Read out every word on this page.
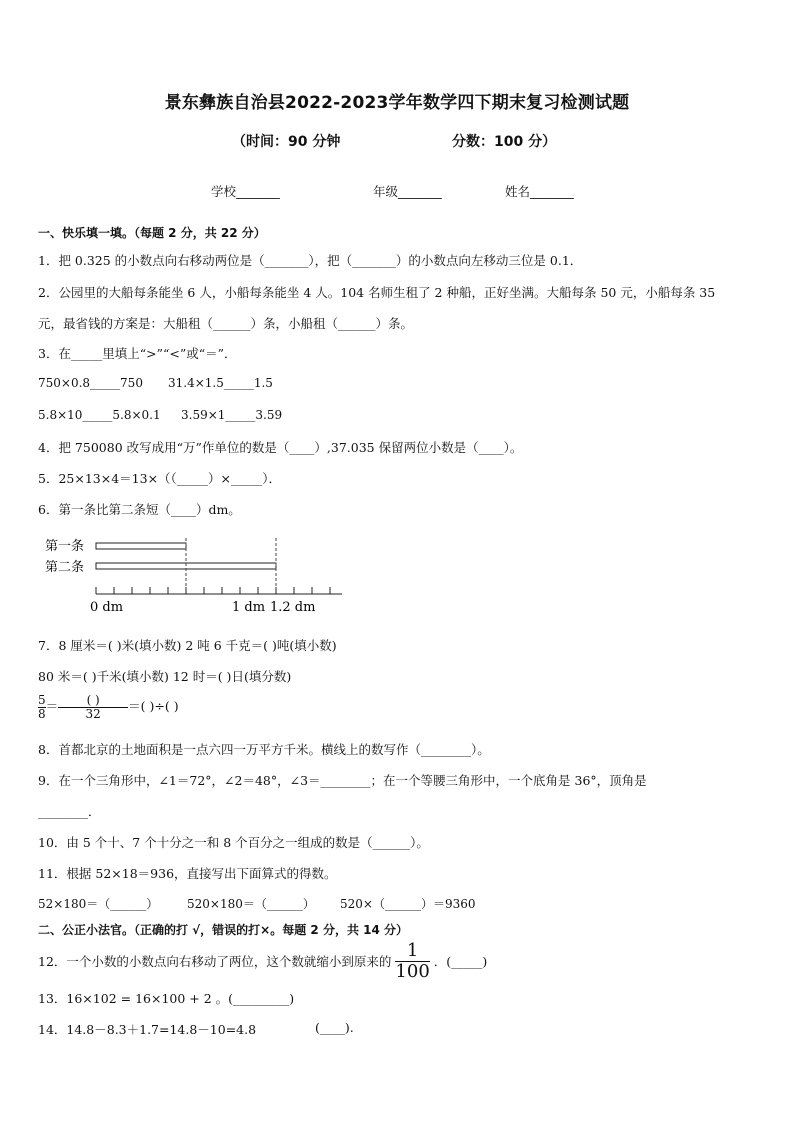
景东彝族自治县2022-2023学年数学四下期末复习检测试题
（时间：90 分钟	分数：100 分）
学校_______	年级_______	姓名_______
一、快乐填一填。（每题 2 分，共 22 分）
1．把 0.325 的小数点向右移动两位是（_______），把（_______）的小数点向左移动三位是 0.1．
2．公园里的大船每条能坐 6 人，小船每条能坐 4 人。104 名师生租了 2 种船，正好坐满。大船每条 50 元，小船每条 35
元，最省钱的方案是：大船租（______）条，小船租（______）条。
3．在_____里填上“>”“<”或“＝”．
750×0.8_____750 31.4×1.5_____1.5
5.8×10_____5.8×0.1 3.59×1_____3.59
4．把 750080 改写成用“万”作单位的数是（____）,37.035 保留两位小数是（____）。
5．25×13×4＝13×（（_____）×_____）．
6．第一条比第二条短（____）dm。
第一条
第二条
0 dm	1 dm 1.2 dm
7．8 厘米＝( )米(填小数) 2 吨 6 千克＝( )吨(填小数)
80 米＝( )千米(填小数) 12 时＝( )日(填分数)
$\frac{5}{8}=$ ( )
32 ＝( )÷( )
8．首都北京的土地面积是一点六四一万平方千米。横线上的数写作（________）。
9．在一个三角形中，∠1＝72°，∠2＝48°，∠3＝________；在一个等腰三角形中，一个底角是 36°，顶角是
________．
10．由 5 个十、7 个十分之一和 8 个百分之一组成的数是（______）。
11．根据 52×18＝936，直接写出下面算式的得数。
52×180＝（______） 520×180＝（______） 520×（______）＝9360
二、公正小法官。（正确的打 √，错误的打×。每题 2 分，共 14 分）
12．一个小数的小数点向右移动了两位，这个数就缩小到原来的 $\frac{1}{100}$ ．(_____)
13．16×102 = 16×100 + 2 。(_________)
14．14.8－8.3＋1.7=14.8－10=4.8	(____).
